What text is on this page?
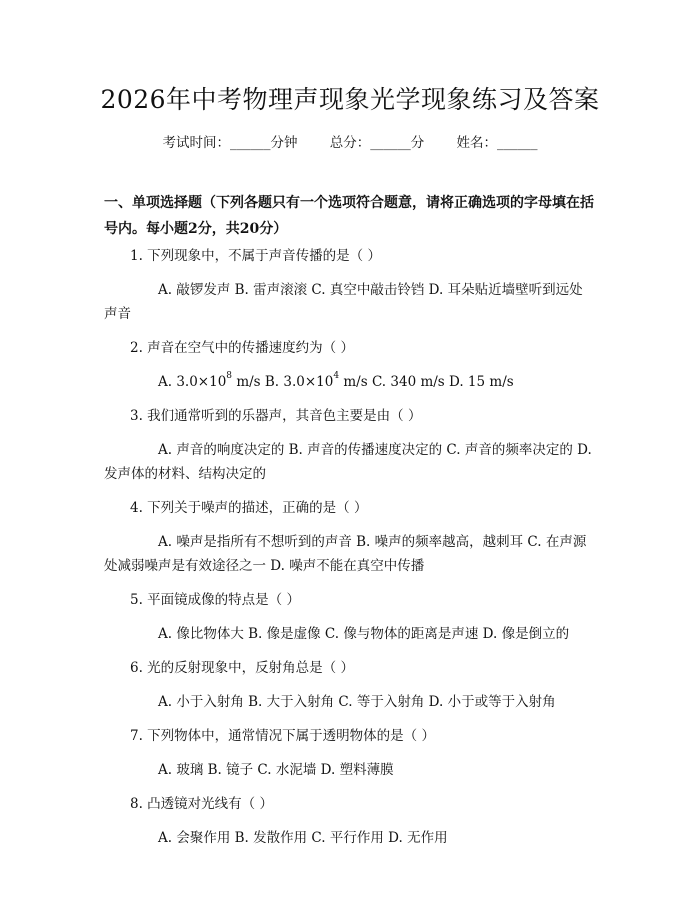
2026年中考物理声现象光学现象练习及答案
考试时间：______分钟 总分：______分 姓名：______
一、单项选择题（下列各题只有一个选项符合题意，请将正确选项的字母填在括号内。每小题2分，共20分）

1. 下列现象中，不属于声音传播的是（ ）

A. 敲锣发声 B. 雷声滚滚 C. 真空中敲击铃铛 D. 耳朵贴近墙壁听到远处声音

2. 声音在空气中的传播速度约为（ ）

A. $3.0\times 10^8$ m/s B. $3.0\times 10^4$ m/s C. 340 m/s D. 15 m/s

3. 我们通常听到的乐器声，其音色主要是由（ ）

A. 声音的响度决定的 B. 声音的传播速度决定的 C. 声音的频率决定的 D. 发声体的材料、结构决定的

4. 下列关于噪声的描述，正确的是（ ）

A. 噪声是指所有不想听到的声音 B. 噪声的频率越高，越刺耳 C. 在声源处减弱噪声是有效途径之一 D. 噪声不能在真空中传播

5. 平面镜成像的特点是（ ）

A. 像比物体大 B. 像是虚像 C. 像与物体的距离是声速 D. 像是倒立的

6. 光的反射现象中，反射角总是（ ）

A. 小于入射角 B. 大于入射角 C. 等于入射角 D. 小于或等于入射角

7. 下列物体中，通常情况下属于透明物体的是（ ）

A. 玻璃 B. 镜子 C. 水泥墙 D. 塑料薄膜

8. 凸透镜对光线有（ ）

A. 会聚作用 B. 发散作用 C. 平行作用 D. 无作用
